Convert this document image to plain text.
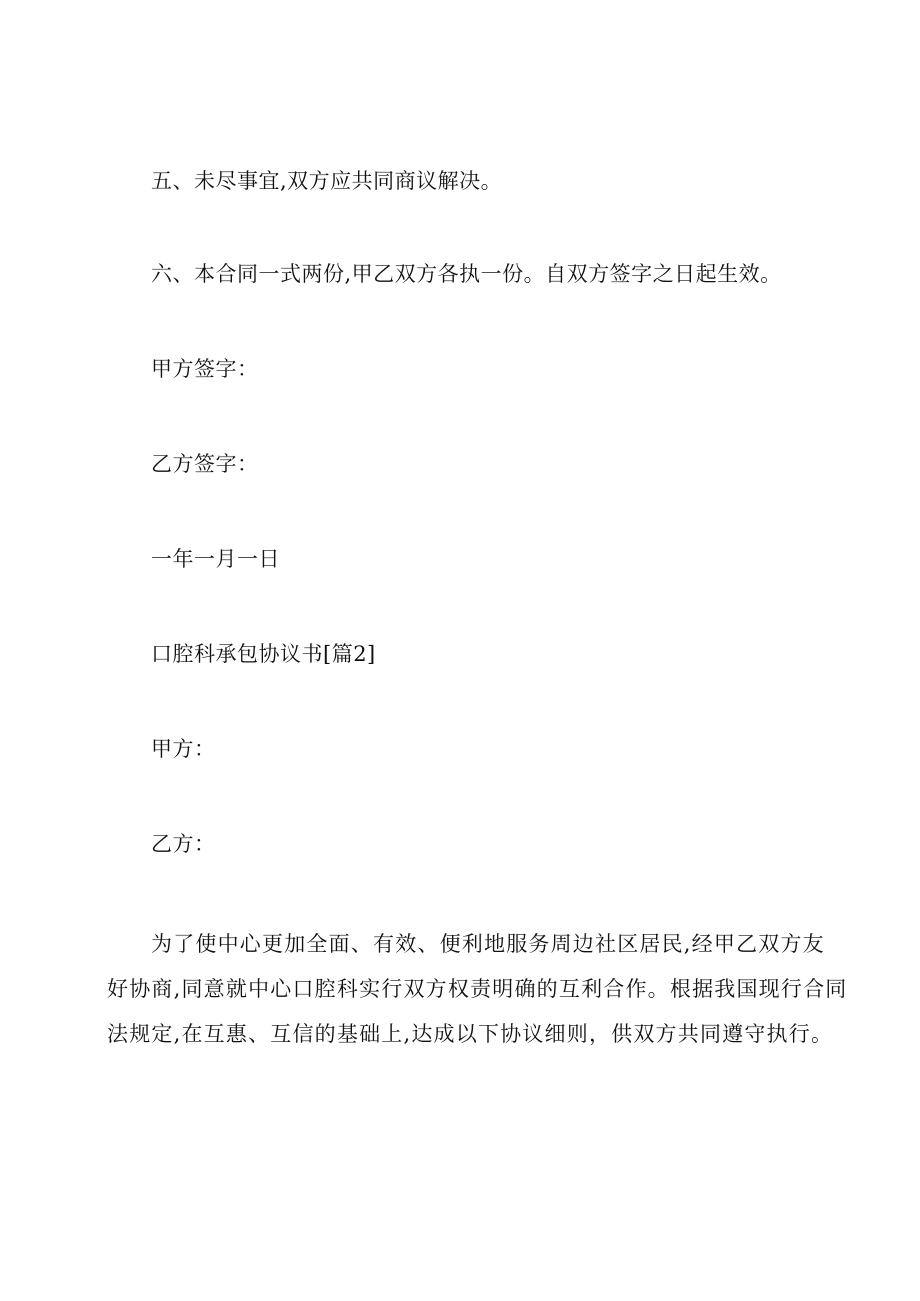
五、未尽事宜,双方应共同商议解决。
六、本合同一式两份,甲乙双方各执一份。自双方签字之日起生效。
甲方签字：
乙方签字：
一年一月一日
口腔科承包协议书[篇2]
甲方：
乙方：
为了使中心更加全面、有效、便利地服务周边社区居民,经甲乙双方友
好协商,同意就中心口腔科实行双方权责明确的互利合作。根据我国现行合同
法规定,在互惠、互信的基础上,达成以下协议细则，供双方共同遵守执行。
